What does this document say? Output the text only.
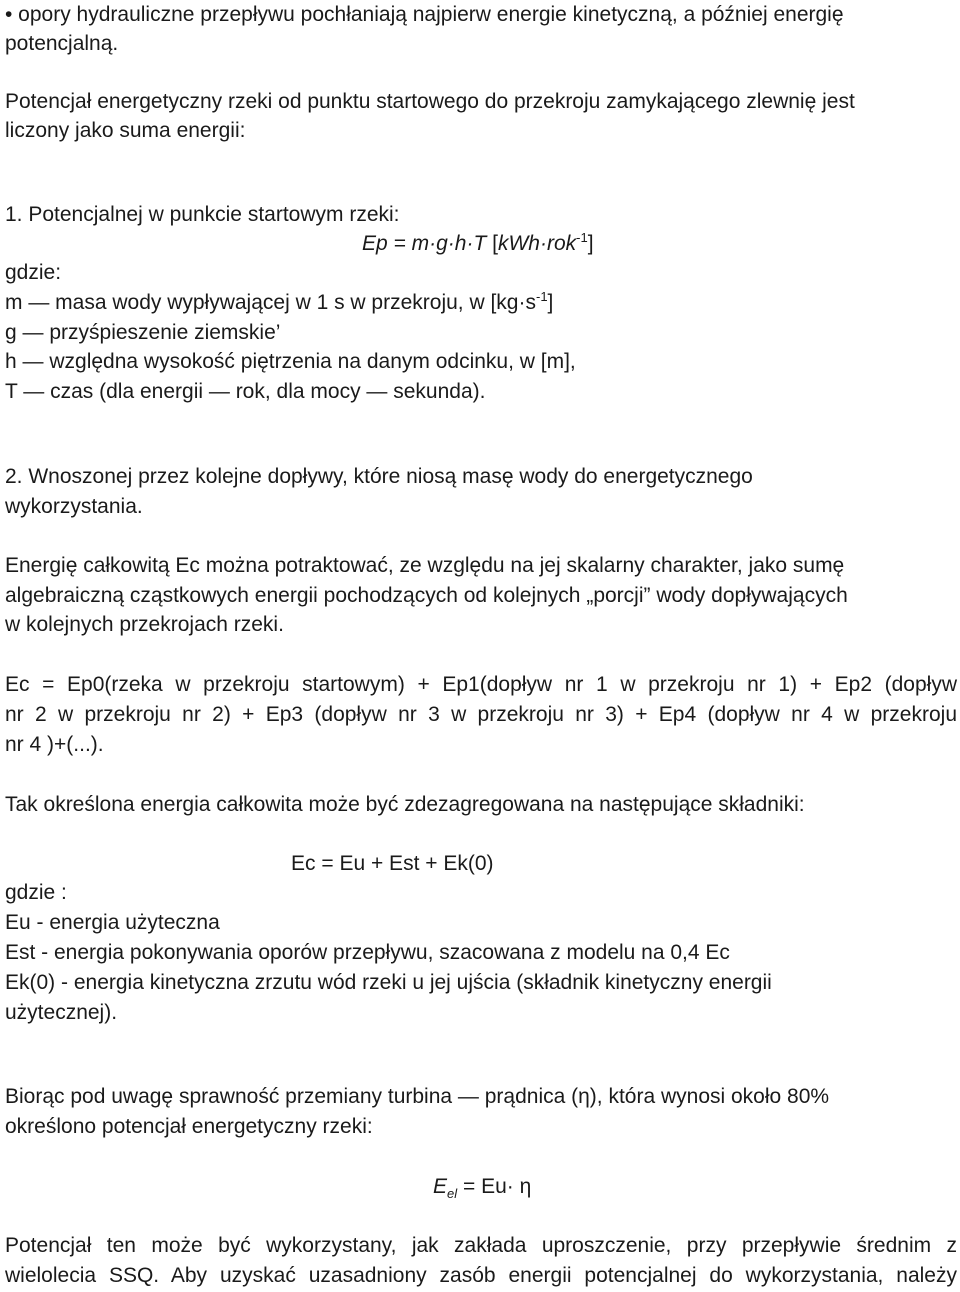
• opory hydrauliczne przepływu pochłaniają najpierw energie kinetyczną, a później energię
potencjalną.
Potencjał energetyczny rzeki od punktu startowego do przekroju zamykającego zlewnię jest
liczony jako suma energii:
1. Potencjalnej w punkcie startowym rzeki:
Ep = m·g·h·T [kWh·rok$^{-1}$]
gdzie:
m — masa wody wypływającej w 1 s w przekroju, w $[kg\cdot s^{-1}]$
g — przyśpieszenie ziemskie’
h — względna wysokość piętrzenia na danym odcinku, w [m],
T — czas (dla energii — rok, dla mocy — sekunda).
2. Wnoszonej przez kolejne dopływy, które niosą masę wody do energetycznego
wykorzystania.
Energię całkowitą Ec można potraktować, ze względu na jej skalarny charakter, jako sumę
algebraiczną cząstkowych energii pochodzących od kolejnych „porcji” wody dopływających
w kolejnych przekrojach rzeki.
Ec = Ep0(rzeka w przekroju startowym) + Ep1(dopływ nr 1 w przekroju nr 1) + Ep2 (dopływ
nr 2 w przekroju nr 2) + Ep3 (dopływ nr 3 w przekroju nr 3) + Ep4 (dopływ nr 4 w przekroju
nr 4 )+(...).
Tak określona energia całkowita może być zdezagregowana na następujące składniki:
Ec = Eu + Est + Ek(0)
gdzie :
Eu - energia użyteczna
Est - energia pokonywania oporów przepływu, szacowana z modelu na 0,4 Ec
Ek(0) - energia kinetyczna zrzutu wód rzeki u jej ujścia (składnik kinetyczny energii
użytecznej).
Biorąc pod uwagę sprawność przemiany turbina — prądnica (η), która wynosi około 80%
określono potencjał energetyczny rzeki:
$E_{el} = Eu\cdot \eta$
Potencjał ten może być wykorzystany, jak zakłada uproszczenie, przy przepływie średnim z
wielolecia SSQ. Aby uzyskać uzasadniony zasób energii potencjalnej do wykorzystania, należy
